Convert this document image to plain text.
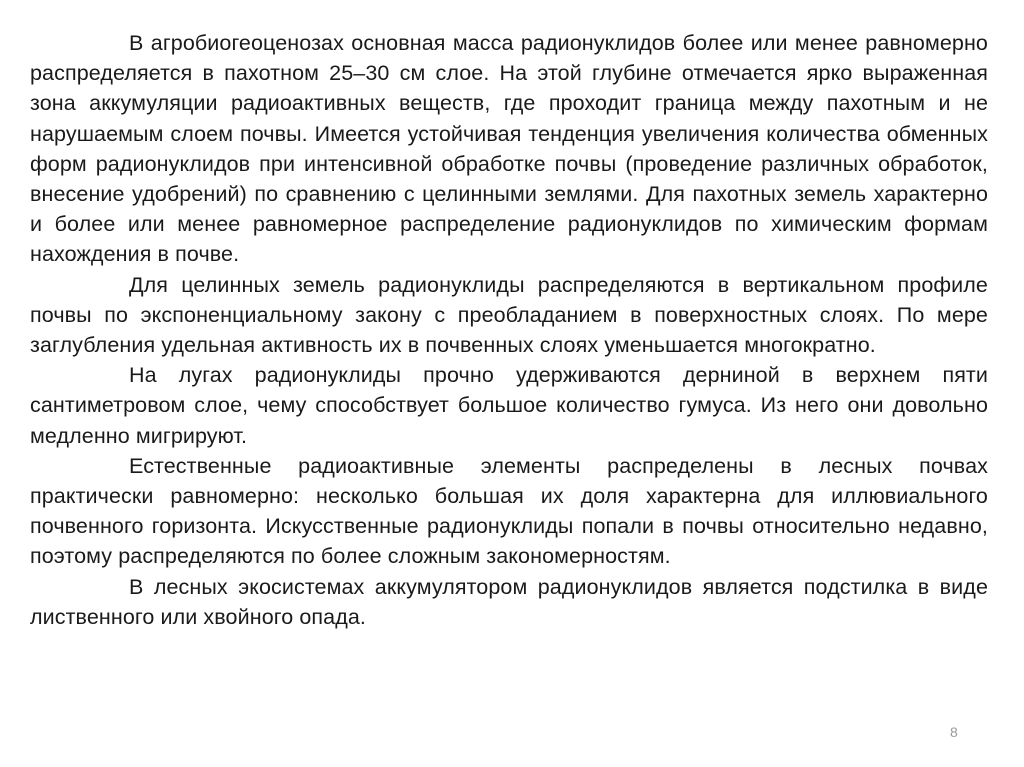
В агробиогеоценозах основная масса радионуклидов более или менее равномерно распределяется в пахотном 25–30 см слое. На этой глубине отмечается ярко выраженная зона аккумуляции радиоактивных веществ, где проходит граница между пахотным и не нарушаемым слоем почвы. Имеется устойчивая тенденция увеличения количества обменных форм радионуклидов при интенсивной обработке почвы (проведение различных обработок, внесение удобрений) по сравнению с целинными землями. Для пахотных земель характерно и более или менее равномерное распределение радионуклидов по химическим формам нахождения в почве.

Для целинных земель радионуклиды распределяются в вертикальном профиле почвы по экспоненциальному закону с преобладанием в поверхностных слоях. По мере заглубления удельная активность их в почвенных слоях уменьшается многократно.

На лугах радионуклиды прочно удерживаются дерниной в верхнем пяти сантиметровом слое, чему способствует большое количество гумуса. Из него они довольно медленно мигрируют.

Естественные радиоактивные элементы распределены в лесных почвах практически равномерно: несколько большая их доля характерна для иллювиального почвенного горизонта. Искусственные радионуклиды попали в почвы относительно недавно, поэтому распределяются по более сложным закономерностям.

В лесных экосистемах аккумулятором радионуклидов является подстилка в виде лиственного или хвойного опада.

8
